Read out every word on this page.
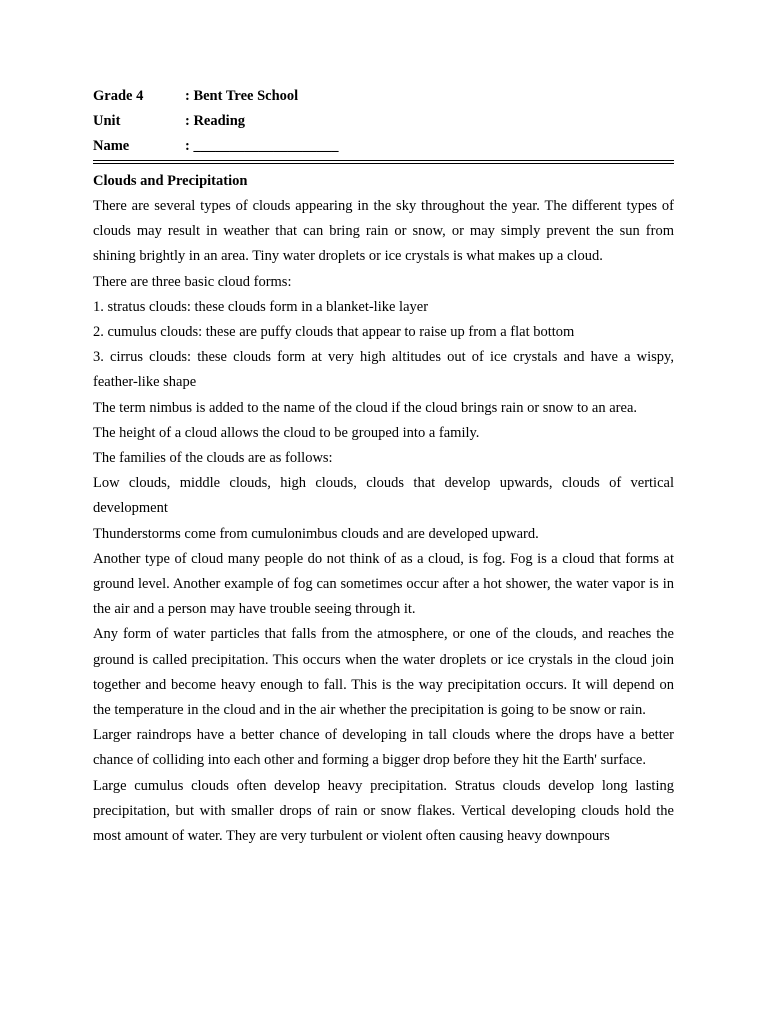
Grade 4	: Bent Tree School
Unit	: Reading
Name	: ____________________
Clouds and Precipitation

There are several types of clouds appearing in the sky throughout the year. The different types of clouds may result in weather that can bring rain or snow, or may simply prevent the sun from shining brightly in an area. Tiny water droplets or ice crystals is what makes up a cloud.

There are three basic cloud forms:

1. stratus clouds: these clouds form in a blanket-like layer

2. cumulus clouds: these are puffy clouds that appear to raise up from a flat bottom

3. cirrus clouds: these clouds form at very high altitudes out of ice crystals and have a wispy, feather-like shape

The term nimbus is added to the name of the cloud if the cloud brings rain or snow to an area.

The height of a cloud allows the cloud to be grouped into a family.

The families of the clouds are as follows:

Low clouds, middle clouds, high clouds, clouds that develop upwards, clouds of vertical development

Thunderstorms come from cumulonimbus clouds and are developed upward.

Another type of cloud many people do not think of as a cloud, is fog. Fog is a cloud that forms at ground level. Another example of fog can sometimes occur after a hot shower, the water vapor is in the air and a person may have trouble seeing through it.

Any form of water particles that falls from the atmosphere, or one of the clouds, and reaches the ground is called precipitation. This occurs when the water droplets or ice crystals in the cloud join together and become heavy enough to fall. This is the way precipitation occurs. It will depend on the temperature in the cloud and in the air whether the precipitation is going to be snow or rain.

Larger raindrops have a better chance of developing in tall clouds where the drops have a better chance of colliding into each other and forming a bigger drop before they hit the Earth' surface.

Large cumulus clouds often develop heavy precipitation. Stratus clouds develop long lasting precipitation, but with smaller drops of rain or snow flakes. Vertical developing clouds hold the most amount of water. They are very turbulent or violent often causing heavy downpours
